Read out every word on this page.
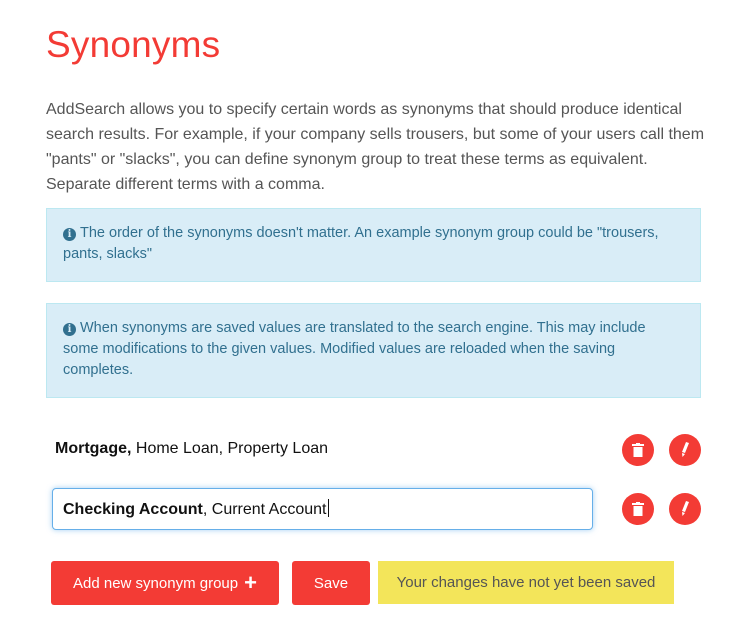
Synonyms

AddSearch allows you to specify certain words as synonyms that should produce identical search results. For example, if your company sells trousers, but some of your users call them "pants" or "slacks", you can define synonym group to treat these terms as equivalent. Separate different terms with a comma.

i The order of the synonyms doesn't matter. An example synonym group could be "trousers, pants, slacks"
i When synonyms are saved values are translated to the search engine. This may include some modifications to the given values. Modified values are reloaded when the saving completes.
Mortgage, Home Loan, Property Loan
Checking Account, Current Account
Add new synonym group +	Save	Your changes have not yet been saved
